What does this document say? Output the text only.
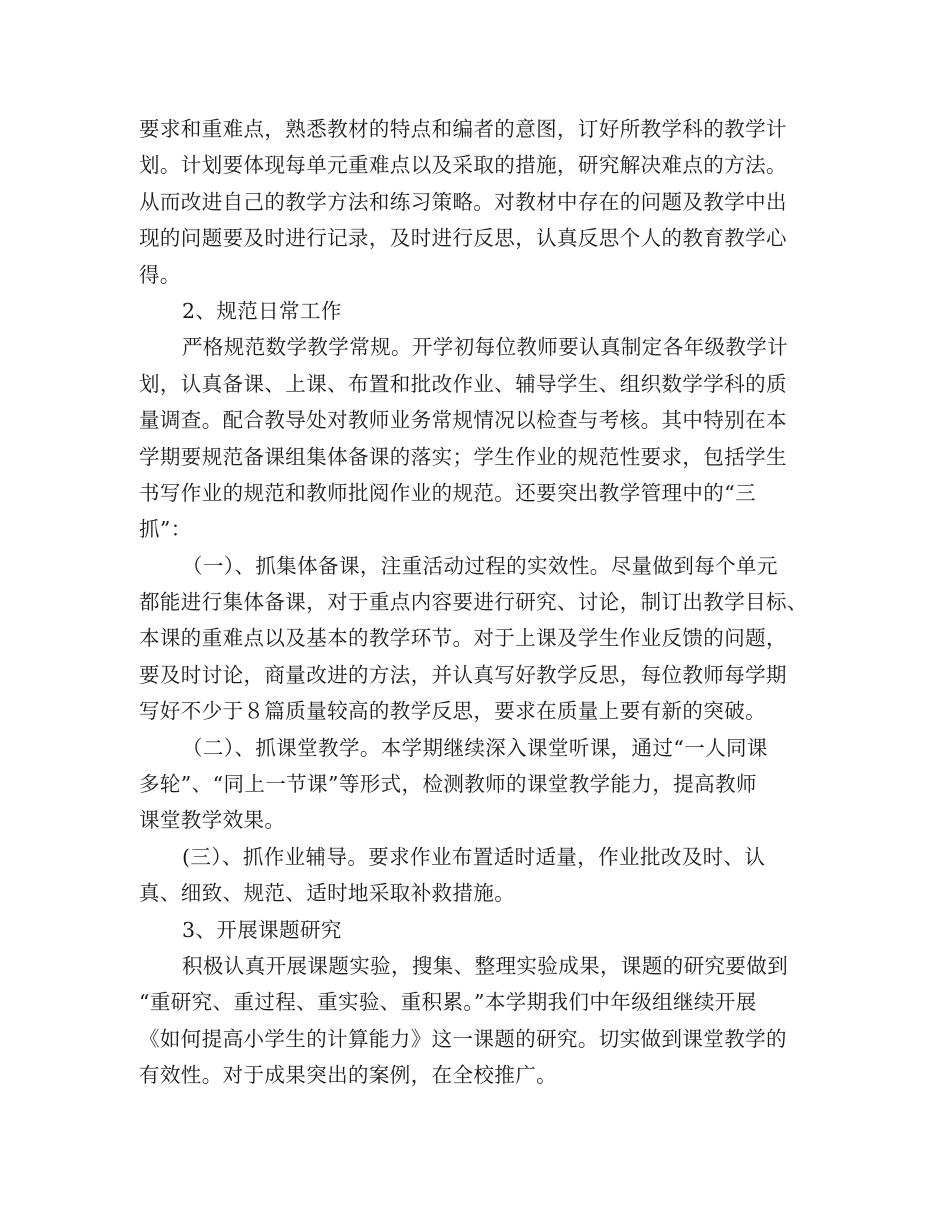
要求和重难点，熟悉教材的特点和编者的意图，订好所教学科的教学计
划。计划要体现每单元重难点以及采取的措施，研究解决难点的方法。
从而改进自己的教学方法和练习策略。对教材中存在的问题及教学中出
现的问题要及时进行记录，及时进行反思，认真反思个人的教育教学心
得。
2、规范日常工作
严格规范数学教学常规。开学初每位教师要认真制定各年级教学计
划，认真备课、上课、布置和批改作业、辅导学生、组织数学学科的质
量调查。配合教导处对教师业务常规情况以检查与考核。其中特别在本
学期要规范备课组集体备课的落实；学生作业的规范性要求，包括学生
书写作业的规范和教师批阅作业的规范。还要突出教学管理中的“三
抓”：
（一）、抓集体备课，注重活动过程的实效性。尽量做到每个单元
都能进行集体备课，对于重点内容要进行研究、讨论，制订出教学目标、
本课的重难点以及基本的教学环节。对于上课及学生作业反馈的问题，
要及时讨论，商量改进的方法，并认真写好教学反思，每位教师每学期
写好不少于８篇质量较高的教学反思，要求在质量上要有新的突破。
（二）、抓课堂教学。本学期继续深入课堂听课，通过“一人同课
多轮”、“同上一节课”等形式，检测教师的课堂教学能力，提高教师
课堂教学效果。
(三）、抓作业辅导。要求作业布置适时适量，作业批改及时、认
真、细致、规范、适时地采取补救措施。
3、开展课题研究
积极认真开展课题实验，搜集、整理实验成果，课题的研究要做到
“重研究、重过程、重实验、重积累。”本学期我们中年级组继续开展
《如何提高小学生的计算能力》这一课题的研究。切实做到课堂教学的
有效性。对于成果突出的案例，在全校推广。
